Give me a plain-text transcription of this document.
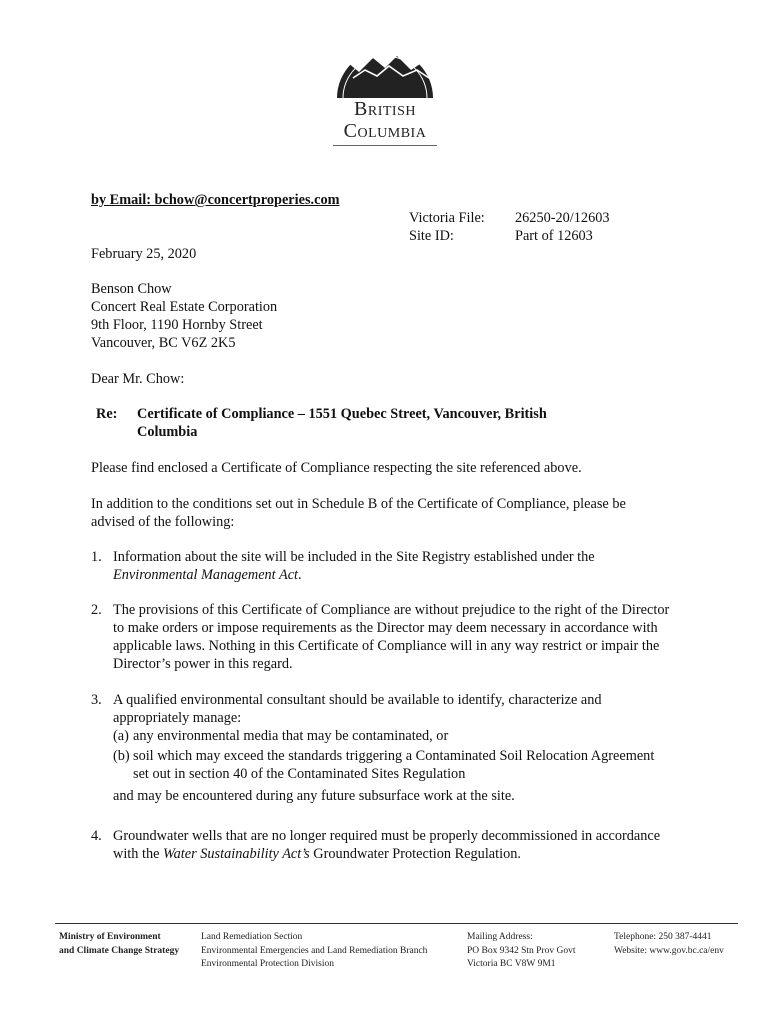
British
Columbia
by Email: bchow@concertproperies.com
Victoria File: 26250-20/12603
Site ID:	Part of 12603
February 25, 2020
Benson Chow
Concert Real Estate Corporation
9th Floor, 1190 Hornby Street
Vancouver, BC V6Z 2K5
Dear Mr. Chow:
Re: Certificate of Compliance – 1551 Quebec Street, Vancouver, British
Columbia
Please find enclosed a Certificate of Compliance respecting the site referenced above.
In addition to the conditions set out in Schedule B of the Certificate of Compliance, please be
advised of the following:
1. Information about the site will be included in the Site Registry established under the
Environmental Management Act.
2. The provisions of this Certificate of Compliance are without prejudice to the right of the Director
to make orders or impose requirements as the Director may deem necessary in accordance with
applicable laws. Nothing in this Certificate of Compliance will in any way restrict or impair the
Director’s power in this regard.
3. A qualified environmental consultant should be available to identify, characterize and
appropriately manage:
(a) any environmental media that may be contaminated, or
(b) soil which may exceed the standards triggering a Contaminated Soil Relocation Agreement
set out in section 40 of the Contaminated Sites Regulation
and may be encountered during any future subsurface work at the site.
4. Groundwater wells that are no longer required must be properly decommissioned in accordance
with the Water Sustainability Act’s Groundwater Protection Regulation.
Ministry of Environment
and Climate Change Strategy
Land Remediation Section
Environmental Emergencies and Land Remediation Branch
Environmental Protection Division
Mailing Address:
PO Box 9342 Stn Prov Govt
Victoria BC V8W 9M1
Telephone: 250 387-4441
Website: www.gov.bc.ca/env
